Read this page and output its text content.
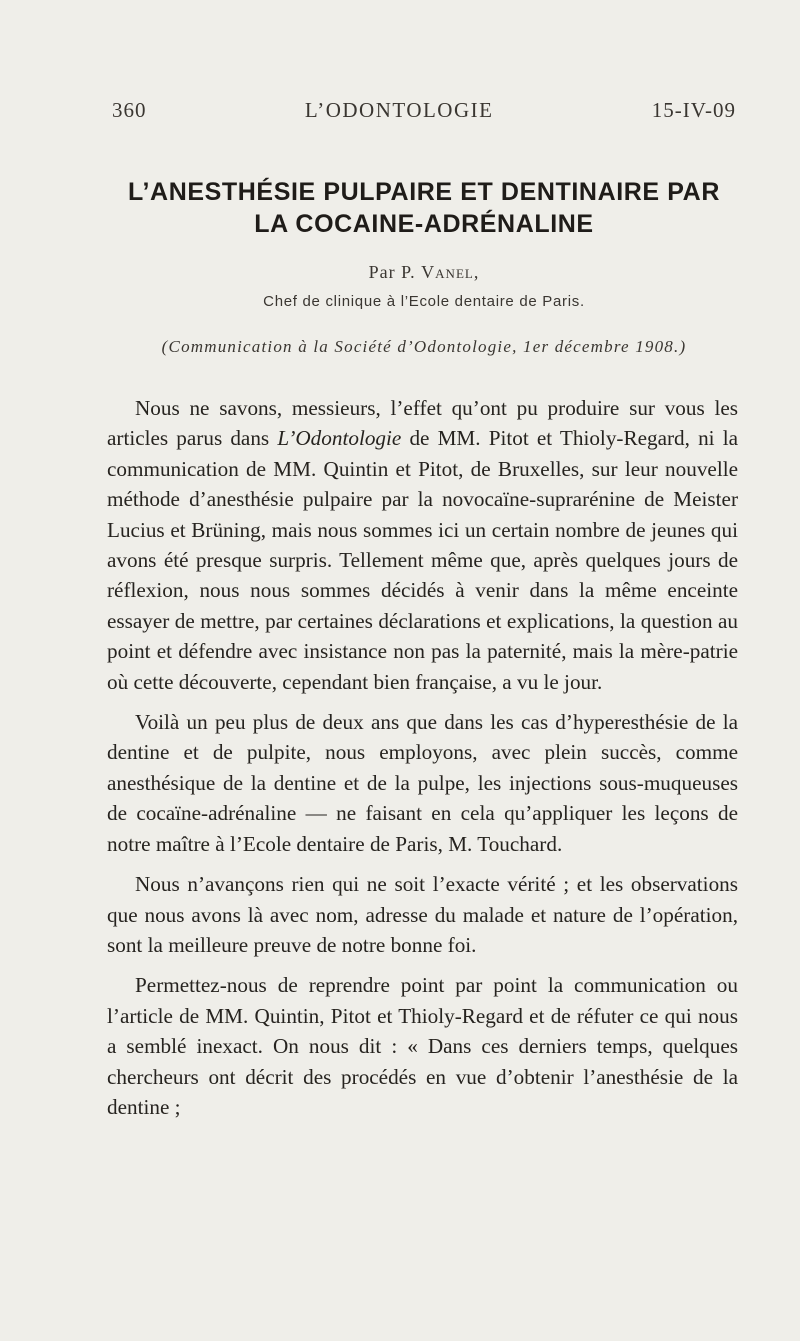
360	L’ODONTOLOGIE	15-IV-09
L’ANESTHÉSIE PULPAIRE ET DENTINAIRE PAR
LA COCAINE-ADRÉNALINE
Par P. Vanel,
Chef de clinique à l’Ecole dentaire de Paris.
(Communication à la Société d’Odontologie, 1er décembre 1908.)

Nous ne savons, messieurs, l’effet qu’ont pu produire sur vous les articles parus dans L’Odontologie de MM. Pitot et Thioly-Regard, ni la communication de MM. Quintin et Pitot, de Bruxelles, sur leur nouvelle méthode d’anesthésie pulpaire par la novocaïne-suprarénine de Meister Lucius et Brüning, mais nous sommes ici un certain nombre de jeunes qui avons été presque surpris. Tellement même que, après quelques jours de réflexion, nous nous sommes décidés à venir dans la même enceinte essayer de mettre, par certaines déclarations et explications, la question au point et défendre avec insistance non pas la paternité, mais la mère-patrie où cette découverte, cependant bien française, a vu le jour.

Voilà un peu plus de deux ans que dans les cas d’hyperesthésie de la dentine et de pulpite, nous employons, avec plein succès, comme anesthésique de la dentine et de la pulpe, les injections sous-muqueuses de cocaïne-adrénaline — ne faisant en cela qu’appliquer les leçons de notre maître à l’Ecole dentaire de Paris, M. Touchard.

Nous n’avançons rien qui ne soit l’exacte vérité ; et les observations que nous avons là avec nom, adresse du malade et nature de l’opération, sont la meilleure preuve de notre bonne foi.

Permettez-nous de reprendre point par point la communication ou l’article de MM. Quintin, Pitot et Thioly-Regard et de réfuter ce qui nous a semblé inexact. On nous dit : « Dans ces derniers temps, quelques chercheurs ont décrit des procédés en vue d’obtenir l’anesthésie de la dentine ;
